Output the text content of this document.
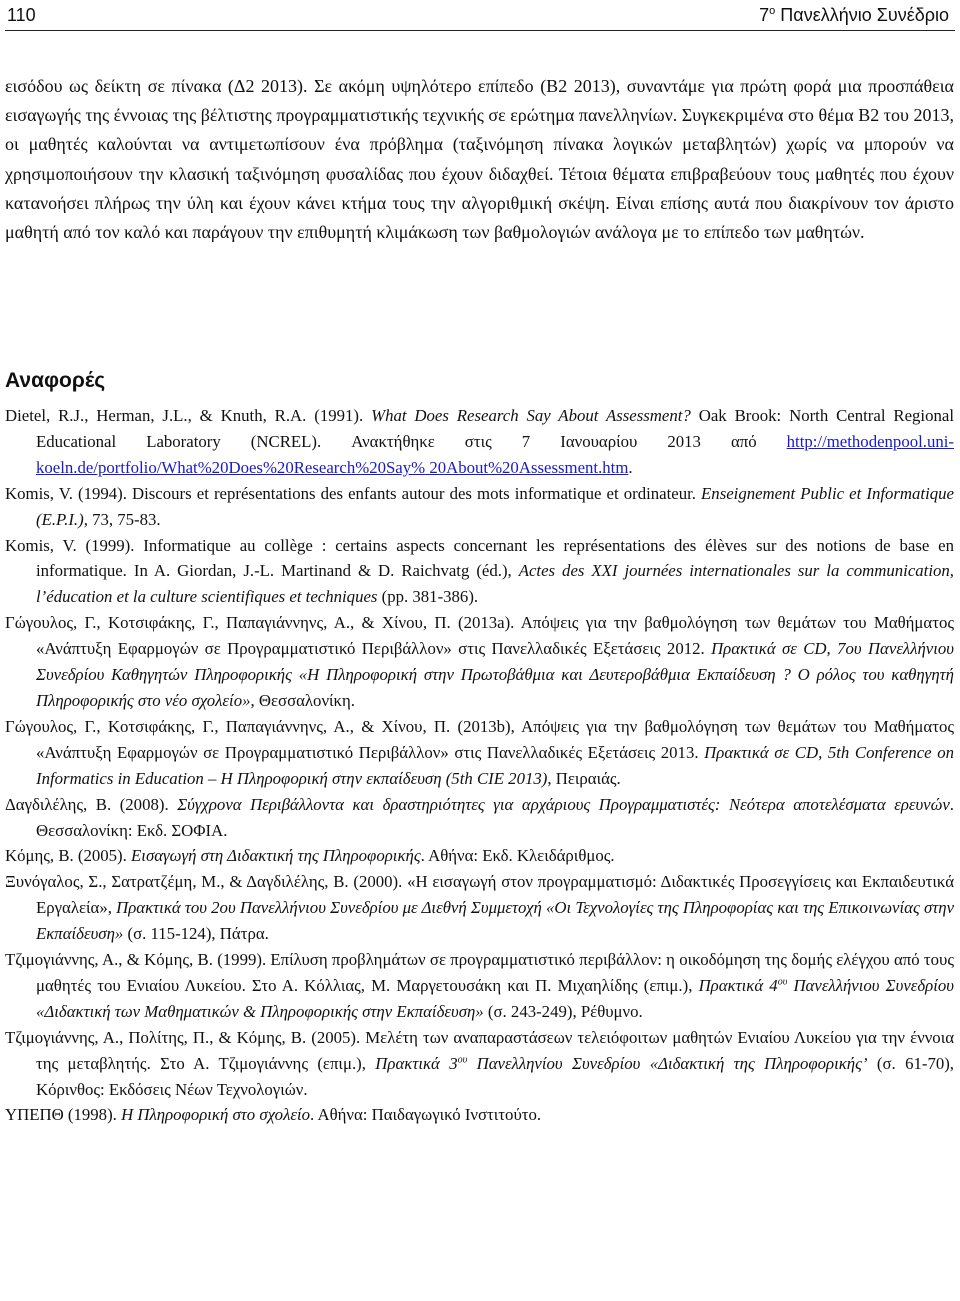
110	$7^o$ Πανελλήνιο Συνέδριο

εισόδου ως δείκτη σε πίνακα (Δ2 2013). Σε ακόμη υψηλότερο επίπεδο (Β2 2013), συναντάμε για πρώτη φορά μια προσπάθεια εισαγωγής της έννοιας της βέλτιστης προγραμματιστικής τεχνικής σε ερώτημα πανελληνίων. Συγκεκριμένα στο θέμα Β2 του 2013, οι μαθητές καλούνται να αντιμετωπίσουν ένα πρόβλημα (ταξινόμηση πίνακα λογικών μεταβλητών) χωρίς να μπορούν να χρησιμοποιήσουν την κλασική ταξινόμηση φυσαλίδας που έχουν διδαχθεί. Τέτοια θέματα επιβραβεύουν τους μαθητές που έχουν κατανοήσει πλήρως την ύλη και έχουν κάνει κτήμα τους την αλγοριθμική σκέψη. Είναι επίσης αυτά που διακρίνουν τον άριστο μαθητή από τον καλό και παράγουν την επιθυμητή κλιμάκωση των βαθμολογιών ανάλογα με το επίπεδο των μαθητών.

Αναφορές
Dietel, R.J., Herman, J.L., & Knuth, R.A. (1991). What Does Research Say About Assessment? Oak Brook: North Central Regional Educational Laboratory (NCREL). Ανακτήθηκε στις 7 Ιανουαρίου 2013 από http://methodenpool.uni-koeln.de/portfolio/What%20Does%20Research%20Say% 20About%20Assessment.htm.
Komis, V. (1994). Discours et représentations des enfants autour des mots informatique et ordinateur. Enseignement Public et Informatique (E.P.I.), 73, 75-83.
Komis, V. (1999). Informatique au collège : certains aspects concernant les représentations des élèves sur des notions de base en informatique. In A. Giordan, J.-L. Martinand & D. Raichvatg (éd.), Actes des XXI journées internationales sur la communication, l’éducation et la culture scientifiques et techniques (pp. 381-386).
Γώγουλος, Γ., Κοτσιφάκης, Γ., Παπαγιάννηνς, Α., & Χίνου, Π. (2013a). Απόψεις για την βαθμολόγηση των θεμάτων του Μαθήματος «Ανάπτυξη Εφαρμογών σε Προγραμματιστικό Περιβάλλον» στις Πανελλαδικές Εξετάσεις 2012. Πρακτικά σε CD, 7ου Πανελλήνιου Συνεδρίου Καθηγητών Πληροφορικής «Η Πληροφορική στην Πρωτοβάθμια και Δευτεροβάθμια Εκπαίδευση ? Ο ρόλος του καθηγητή Πληροφορικής στο νέο σχολείο», Θεσσαλονίκη.
Γώγουλος, Γ., Κοτσιφάκης, Γ., Παπαγιάννηνς, Α., & Χίνου, Π. (2013b), Απόψεις για την βαθμολόγηση των θεμάτων του Μαθήματος «Ανάπτυξη Εφαρμογών σε Προγραμματιστικό Περιβάλλον» στις Πανελλαδικές Εξετάσεις 2013. Πρακτικά σε CD, 5th Conference on Informatics in Education – Η Πληροφορική στην εκπαίδευση (5th CIE 2013), Πειραιάς.
Δαγδιλέλης, Β. (2008). Σύγχρονα Περιβάλλοντα και δραστηριότητες για αρχάριους Προγραμματιστές: Νεότερα αποτελέσματα ερευνών. Θεσσαλονίκη: Εκδ. ΣΟΦΙΑ.
Κόμης, Β. (2005). Εισαγωγή στη Διδακτική της Πληροφορικής. Αθήνα: Εκδ. Κλειδάριθμος.
Ξυνόγαλος, Σ., Σατρατζέμη, Μ., & Δαγδιλέλης, Β. (2000). «Η εισαγωγή στον προγραμματισμό: Διδακτικές Προσεγγίσεις και Εκπαιδευτικά Εργαλεία», Πρακτικά του 2ου Πανελλήνιου Συνεδρίου με Διεθνή Συμμετοχή «Οι Τεχνολογίες της Πληροφορίας και της Επικοινωνίας στην Εκπαίδευση» (σ. 115-124), Πάτρα.
Τζιμογιάννης, Α., & Κόμης, Β. (1999). Επίλυση προβλημάτων σε προγραμματιστικό περιβάλλον: η οικοδόμηση της δομής ελέγχου από τους μαθητές του Ενιαίου Λυκείου. Στο Α. Κόλλιας, Μ. Μαργετουσάκη και Π. Μιχαηλίδης (επιμ.), Πρακτικά $4^{o\upsilon}$ Πανελλήνιου Συνεδρίου «Διδακτική των Μαθηματικών & Πληροφορικής στην Εκπαίδευση» (σ. 243-249), Ρέθυμνο.
Τζιμογιάννης, Α., Πολίτης, Π., & Κόμης, Β. (2005). Μελέτη των αναπαραστάσεων τελειόφοιτων μαθητών Ενιαίου Λυκείου για την έννοια της μεταβλητής. Στο Α. Τζιμογιάννης (επιμ.), Πρακτικά $3^{o\upsilon}$ Πανελληνίου Συνεδρίου «Διδακτική της Πληροφορικής’ (σ. 61-70), Κόρινθος: Εκδόσεις Νέων Τεχνολογιών.
ΥΠΕΠΘ (1998). Η Πληροφορική στο σχολείο. Αθήνα: Παιδαγωγικό Ινστιτούτο.
